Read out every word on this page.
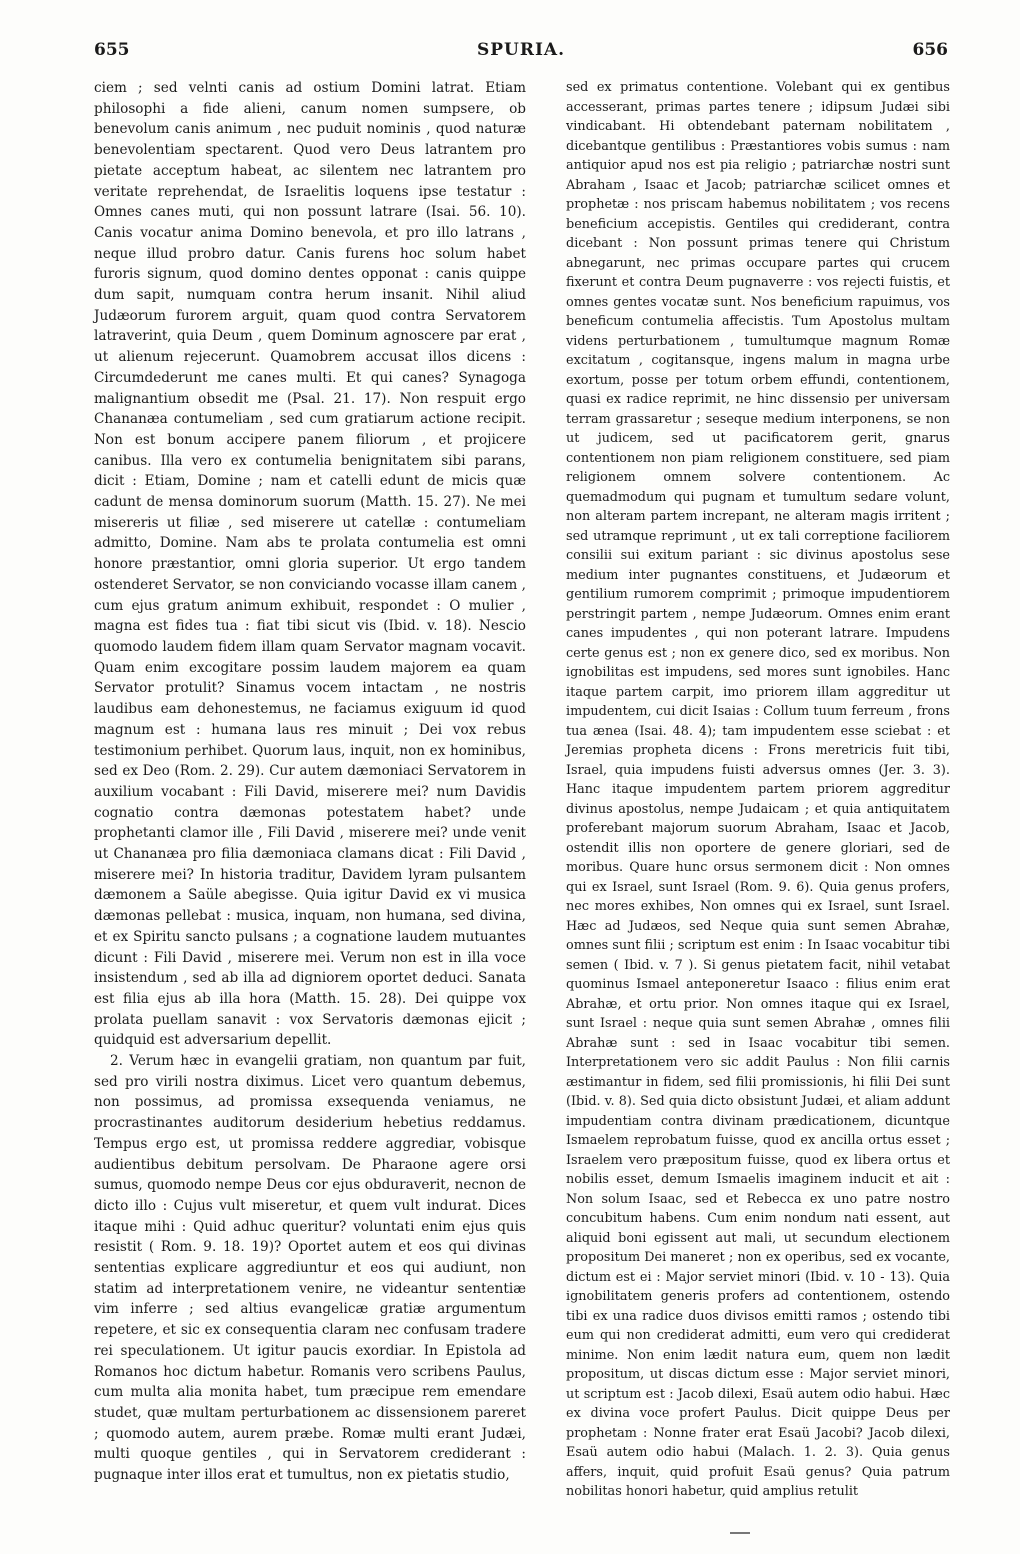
655	SPURIA.	656

ciem ; sed velnti canis ad ostium Domini latrat. Etiam philosophi a fide alieni, canum nomen sumpsere, ob benevolum canis animum , nec puduit nominis , quod naturæ benevolentiam spectarent. Quod vero Deus latrantem pro pietate acceptum habeat, ac silentem nec latrantem pro veritate reprehendat, de Israelitis loquens ipse testatur : Omnes canes muti, qui non possunt latrare (Isai. 56. 10). Canis vocatur anima Domino benevola, et pro illo latrans , neque illud probro datur. Canis furens hoc solum habet furoris signum, quod domino dentes opponat : canis quippe dum sapit, numquam contra herum insanit. Nihil aliud Judæorum furorem arguit, quam quod contra Servatorem latraverint, quia Deum , quem Dominum agnoscere par erat , ut alienum rejecerunt. Quamobrem accusat illos dicens : Circumdederunt me canes multi. Et qui canes? Synagoga malignantium obsedit me (Psal. 21. 17). Non respuit ergo Chananæa contumeliam , sed cum gratiarum actione recipit. Non est bonum accipere panem filiorum , et projicere canibus. Illa vero ex contumelia benignitatem sibi parans, dicit : Etiam, Domine ; nam et catelli edunt de micis quæ cadunt de mensa dominorum suorum (Matth. 15. 27). Ne mei misereris ut filiæ , sed miserere ut catellæ : contumeliam admitto, Domine. Nam abs te prolata contumelia est omni honore præstantior, omni gloria superior. Ut ergo tandem ostenderet Servator, se non conviciando vocasse illam canem , cum ejus gratum animum exhibuit, respondet : O mulier , magna est fides tua : fiat tibi sicut vis (Ibid. v. 18). Nescio quomodo laudem fidem illam quam Servator magnam vocavit. Quam enim excogitare possim laudem majorem ea quam Servator protulit? Sinamus vocem intactam , ne nostris laudibus eam dehonestemus, ne faciamus exiguum id quod magnum est : humana laus res minuit ; Dei vox rebus testimonium perhibet. Quorum laus, inquit, non ex hominibus, sed ex Deo (Rom. 2. 29). Cur autem dæmoniaci Servatorem in auxilium vocabant : Fili David, miserere mei? num Davidis cognatio contra dæmonas potestatem habet? unde prophetanti clamor ille , Fili David , miserere mei? unde venit ut Chananæa pro filia dæmoniaca clamans dicat : Fili David , miserere mei? In historia traditur, Davidem lyram pulsantem dæmonem a Saüle abegisse. Quia igitur David ex vi musica dæmonas pellebat : musica, inquam, non humana, sed divina, et ex Spiritu sancto pulsans ; a cognatione laudem mutuantes dicunt : Fili David , miserere mei. Verum non est in illa voce insistendum , sed ab illa ad digniorem oportet deduci. Sanata est filia ejus ab illa hora (Matth. 15. 28). Dei quippe vox prolata puellam sanavit : vox Servatoris dæmonas ejicit ; quidquid est adversarium depellit.

2. Verum hæc in evangelii gratiam, non quantum par fuit, sed pro virili nostra diximus. Licet vero quantum debemus, non possimus, ad promissa exsequenda veniamus, ne procrastinantes auditorum desiderium hebetius reddamus. Tempus ergo est, ut promissa reddere aggrediar, vobisque audientibus debitum persolvam. De Pharaone agere orsi sumus, quomodo nempe Deus cor ejus obduraverit, necnon de dicto illo : Cujus vult miseretur, et quem vult indurat. Dices itaque mihi : Quid adhuc queritur? voluntati enim ejus quis resistit ( Rom. 9. 18. 19)? Oportet autem et eos qui divinas sententias explicare aggrediuntur et eos qui audiunt, non statim ad interpretationem venire, ne videantur sententiæ vim inferre ; sed altius evangelicæ gratiæ argumentum repetere, et sic ex consequentia claram nec confusam tradere rei speculationem. Ut igitur paucis exordiar. In Epistola ad Romanos hoc dictum habetur. Romanis vero scribens Paulus, cum multa alia monita habet, tum præcipue rem emendare studet, quæ multam perturbationem ac dissensionem pareret ; quomodo autem, aurem præbe. Romæ multi erant Judæi, multi quoque gentiles , qui in Servatorem crediderant : pugnaque inter illos erat et tumultus, non ex pietatis studio,

sed ex primatus contentione. Volebant qui ex gentibus accesserant, primas partes tenere ; idipsum Judæi sibi vindicabant. Hi obtendebant paternam nobilitatem , dicebantque gentilibus : Præstantiores vobis sumus : nam antiquior apud nos est pia religio ; patriarchæ nostri sunt Abraham , Isaac et Jacob; patriarchæ scilicet omnes et prophetæ : nos priscam habemus nobilitatem ; vos recens beneficium accepistis. Gentiles qui crediderant, contra dicebant : Non possunt primas tenere qui Christum abnegarunt, nec primas occupare partes qui crucem fixerunt et contra Deum pugnaverre : vos rejecti fuistis, et omnes gentes vocatæ sunt. Nos beneficium rapuimus, vos beneficum contumelia affecistis. Tum Apostolus multam videns perturbationem , tumultumque magnum Romæ excitatum , cogitansque, ingens malum in magna urbe exortum, posse per totum orbem effundi, contentionem, quasi ex radice reprimit, ne hinc dissensio per universam terram grassaretur ; seseque medium interponens, se non ut judicem, sed ut pacificatorem gerit, gnarus contentionem non piam religionem constituere, sed piam religionem omnem solvere contentionem. Ac quemadmodum qui pugnam et tumultum sedare volunt, non alteram partem increpant, ne alteram magis irritent ; sed utramque reprimunt , ut ex tali correptione faciliorem consilii sui exitum pariant : sic divinus apostolus sese medium inter pugnantes constituens, et Judæorum et gentilium rumorem comprimit ; primoque impudentiorem perstringit partem , nempe Judæorum. Omnes enim erant canes impudentes , qui non poterant latrare. Impudens certe genus est ; non ex genere dico, sed ex moribus. Non ignobilitas est impudens, sed mores sunt ignobiles. Hanc itaque partem carpit, imo priorem illam aggreditur ut impudentem, cui dicit Isaias : Collum tuum ferreum , frons tua ænea (Isai. 48. 4); tam impudentem esse sciebat : et Jeremias propheta dicens : Frons meretricis fuit tibi, Israel, quia impudens fuisti adversus omnes (Jer. 3. 3). Hanc itaque impudentem partem priorem aggreditur divinus apostolus, nempe Judaicam ; et quia antiquitatem proferebant majorum suorum Abraham, Isaac et Jacob, ostendit illis non oportere de genere gloriari, sed de moribus. Quare hunc orsus sermonem dicit : Non omnes qui ex Israel, sunt Israel (Rom. 9. 6). Quia genus profers, nec mores exhibes, Non omnes qui ex Israel, sunt Israel. Hæc ad Judæos, sed Neque quia sunt semen Abrahæ, omnes sunt filii ; scriptum est enim : In Isaac vocabitur tibi semen ( Ibid. v. 7 ). Si genus pietatem facit, nihil vetabat quominus Ismael anteponeretur Isaaco : filius enim erat Abrahæ, et ortu prior. Non omnes itaque qui ex Israel, sunt Israel : neque quia sunt semen Abrahæ , omnes filii Abrahæ sunt : sed in Isaac vocabitur tibi semen. Interpretationem vero sic addit Paulus : Non filii carnis æstimantur in fidem, sed filii promissionis, hi filii Dei sunt (Ibid. v. 8). Sed quia dicto obsistunt Judæi, et aliam addunt impudentiam contra divinam prædicationem, dicuntque Ismaelem reprobatum fuisse, quod ex ancilla ortus esset ; Israelem vero præpositum fuisse, quod ex libera ortus et nobilis esset, demum Ismaelis imaginem inducit et ait : Non solum Isaac, sed et Rebecca ex uno patre nostro concubitum habens. Cum enim nondum nati essent, aut aliquid boni egissent aut mali, ut secundum electionem propositum Dei maneret ; non ex operibus, sed ex vocante, dictum est ei : Major serviet minori (Ibid. v. 10 - 13). Quia ignobilitatem generis profers ad contentionem, ostendo tibi ex una radice duos divisos emitti ramos ; ostendo tibi eum qui non crediderat admitti, eum vero qui crediderat minime. Non enim lædit natura eum, quem non lædit propositum, ut discas dictum esse : Major serviet minori, ut scriptum est : Jacob dilexi, Esaü autem odio habui. Hæc ex divina voce profert Paulus. Dicit quippe Deus per prophetam : Nonne frater erat Esaü Jacobi? Jacob dilexi, Esaü autem odio habui (Malach. 1. 2. 3). Quia genus affers, inquit, quid profuit Esaü genus? Quia patrum nobilitas honori habetur, quid amplius retulit
